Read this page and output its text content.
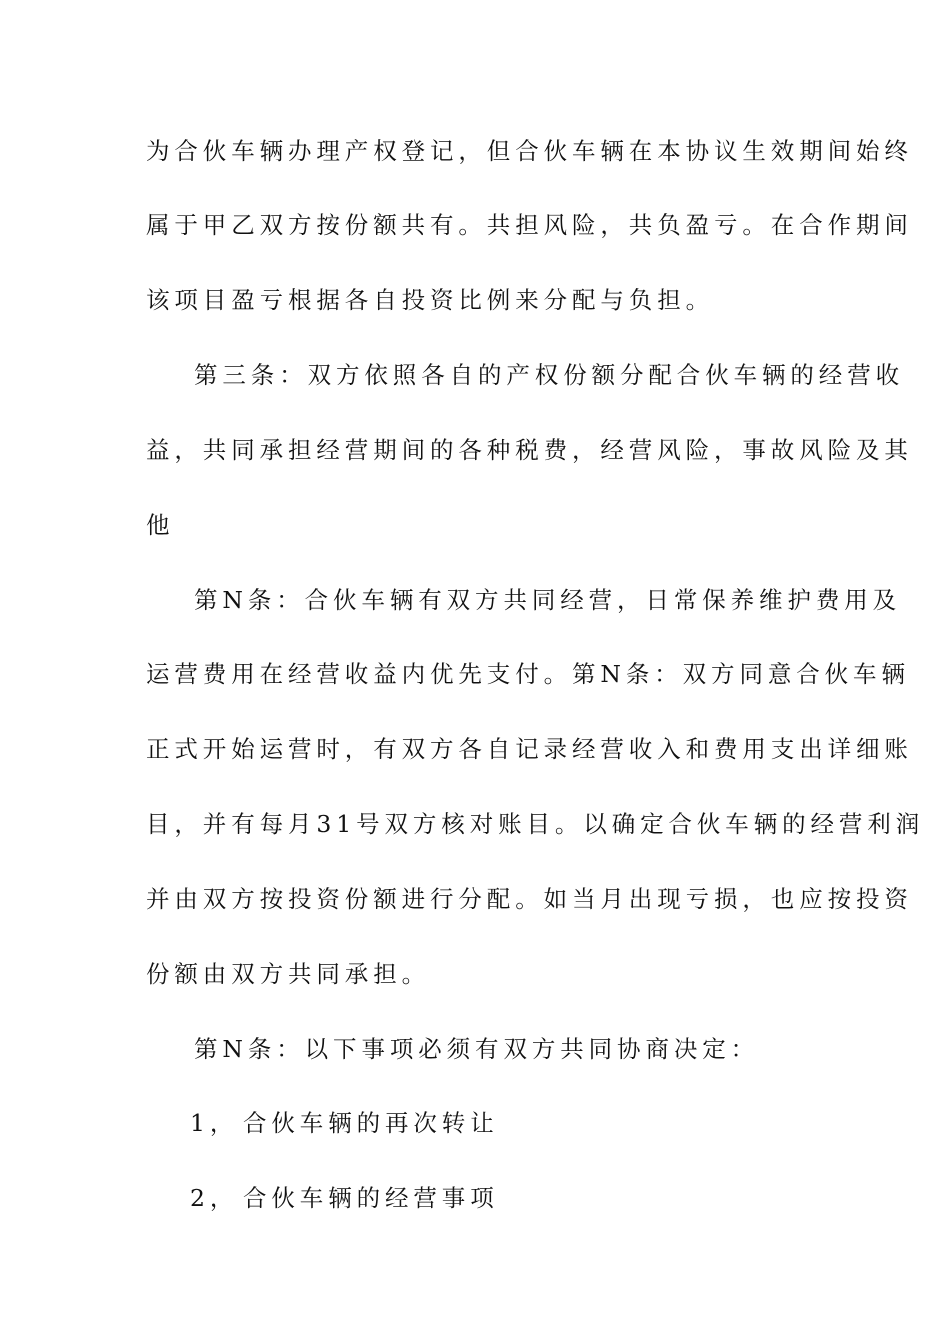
为合伙车辆办理产权登记，但合伙车辆在本协议生效期间始终
属于甲乙双方按份额共有。共担风险，共负盈亏。在合作期间
该项目盈亏根据各自投资比例来分配与负担。
第三条：双方依照各自的产权份额分配合伙车辆的经营收
益，共同承担经营期间的各种税费，经营风险，事故风险及其
他
第N条：合伙车辆有双方共同经营，日常保养维护费用及
运营费用在经营收益内优先支付。第N条：双方同意合伙车辆
正式开始运营时，有双方各自记录经营收入和费用支出详细账
目，并有每月31号双方核对账目。以确定合伙车辆的经营利润
并由双方按投资份额进行分配。如当月出现亏损，也应按投资
份额由双方共同承担。
第N条：以下事项必须有双方共同协商决定：
1， 合伙车辆的再次转让
2， 合伙车辆的经营事项
